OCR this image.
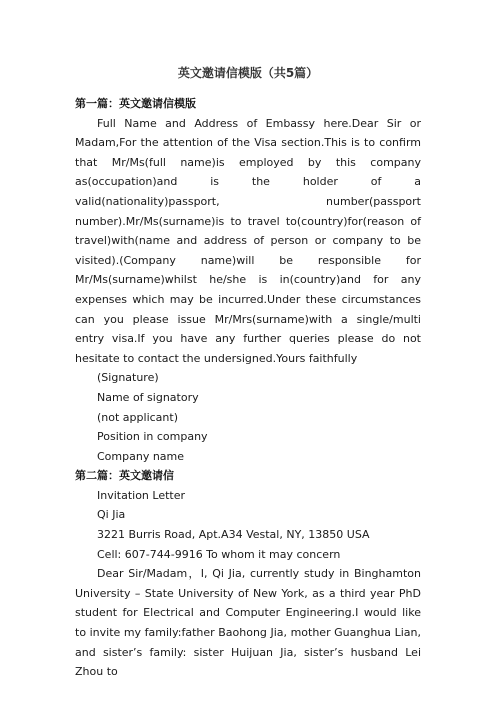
英文邀请信模版（共5篇）
第一篇：英文邀请信模版

Full Name and Address of Embassy here.Dear Sir or Madam,For the attention of the Visa section.This is to confirm that Mr/Ms(full name)is employed by this company as(occupation)and is the holder of a valid(nationality)passport, number(passport number).Mr/Ms(surname)is to travel to(country)for(reason of travel)with(name and address of person or company to be visited).(Company name)will be responsible for Mr/Ms(surname)whilst he/she is in(country)and for any expenses which may be incurred.Under these circumstances can you please issue Mr/Mrs(surname)with a single/multi entry visa.If you have any further queries please do not hesitate to contact the undersigned.Yours faithfully

(Signature)

Name of signatory

(not applicant)

Position in company

Company name

第二篇：英文邀请信

Invitation Letter

Qi Jia

3221 Burris Road, Apt.A34 Vestal, NY, 13850 USA

Cell: 607-744-9916 To whom it may concern

Dear Sir/Madam，I, Qi Jia, currently study in Binghamton University – State University of New York, as a third year PhD student for Electrical and Computer Engineering.I would like to invite my family:father Baohong Jia, mother Guanghua Lian, and sister’s family: sister Huijuan Jia, sister’s husband Lei Zhou to
